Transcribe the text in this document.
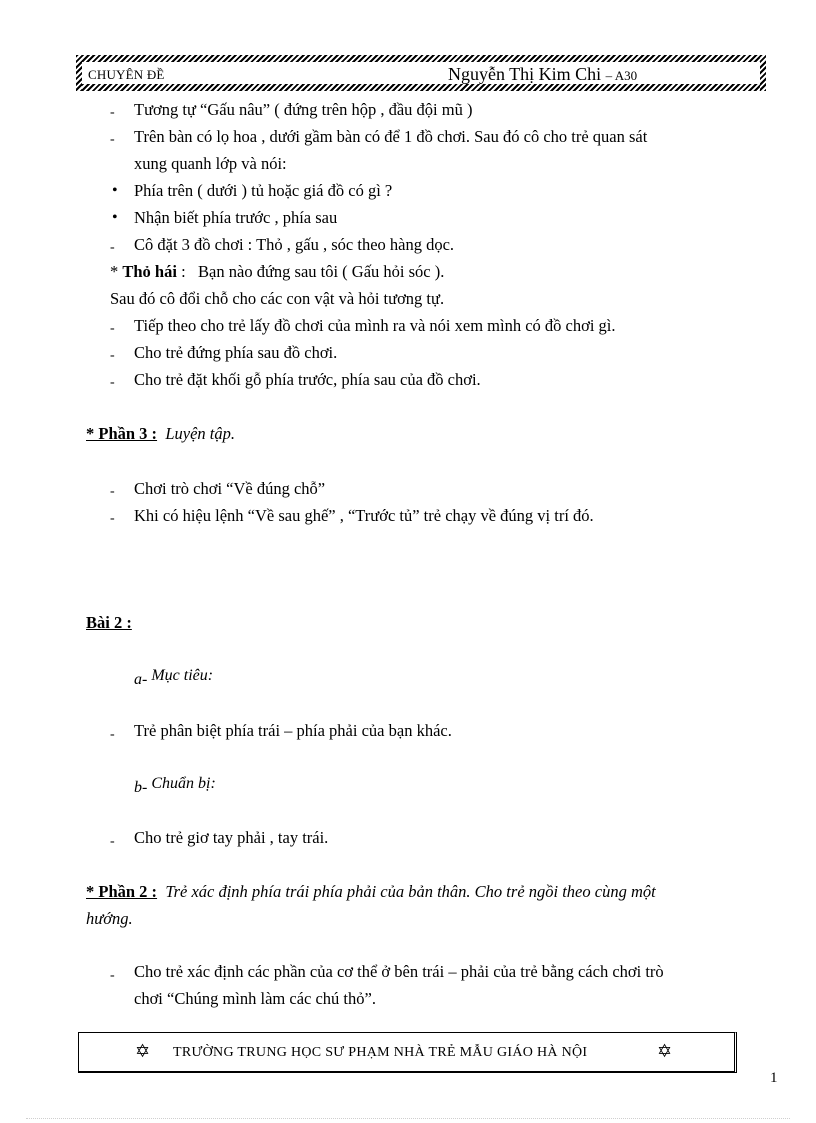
CHUYÊN ĐỀ	Nguyễn Thị Kim Chi – A30
- Tương tự “Gấu nâu” ( đứng trên hộp , đầu đội mũ )
- Trên bàn có lọ hoa , dưới gầm bàn có để 1 đồ chơi. Sau đó cô cho trẻ quan sát
xung quanh lớp và nói:
• Phía trên ( dưới ) tủ hoặc giá đồ có gì ?
• Nhận biết phía trước , phía sau
- Cô đặt 3 đồ chơi : Thỏ , gấu , sóc theo hàng dọc.
* Thỏ hái : Bạn nào đứng sau tôi ( Gấu hỏi sóc ).
Sau đó cô đổi chỗ cho các con vật và hỏi tương tự.
- Tiếp theo cho trẻ lấy đồ chơi của mình ra và nói xem mình có đồ chơi gì.
- Cho trẻ đứng phía sau đồ chơi.
- Cho trẻ đặt khối gỗ phía trước, phía sau của đồ chơi.
* Phần 3 : Luyện tập.
- Chơi trò chơi “Về đúng chỗ”
- Khi có hiệu lệnh “Về sau ghế” , “Trước tủ” trẻ chạy về đúng vị trí đó.
Bài 2 :
a- Mục tiêu:
- Trẻ phân biệt phía trái – phía phải của bạn khác.
b- Chuẩn bị:
- Cho trẻ giơ tay phải , tay trái.
* Phần 2 : Trẻ xác định phía trái phía phải của bản thân. Cho trẻ ngồi theo cùng một
hướng.
- Cho trẻ xác định các phần của cơ thể ở bên trái – phải của trẻ bằng cách chơi trò
chơi “Chúng mình làm các chú thỏ”.
✡ TRƯỜNG TRUNG HỌC SƯ PHẠM NHÀ TRẺ MẪU GIÁO HÀ NỘI	✡
1
